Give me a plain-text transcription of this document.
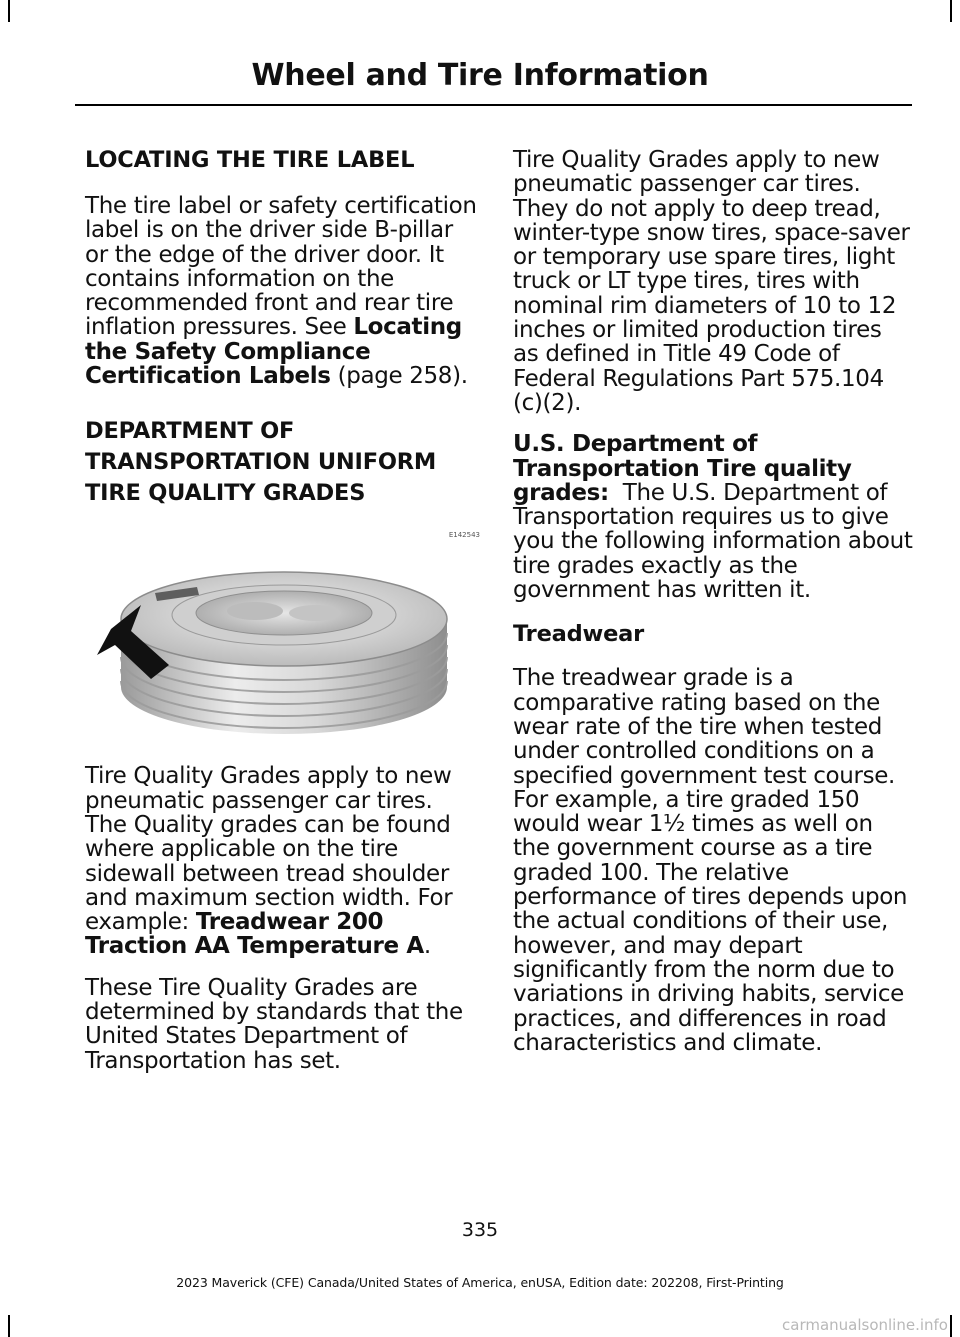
Wheel and Tire Information
LOCATING THE TIRE LABEL

The tire label or safety certification label is on the driver side B-pillar or the edge of the driver door. It contains information on the recommended front and rear tire inflation pressures. See Locating the Safety Compliance Certification Labels (page 258).

DEPARTMENT OF
TRANSPORTATION UNIFORM
TIRE QUALITY GRADES
E142543

Tire Quality Grades apply to new pneumatic passenger car tires. The Quality grades can be found where applicable on the tire sidewall between tread shoulder and maximum section width. For example: Treadwear 200 Traction AA Temperature A.

These Tire Quality Grades are determined by standards that the United States Department of Transportation has set.

Tire Quality Grades apply to new pneumatic passenger car tires. They do not apply to deep tread, winter-type snow tires, space-saver or temporary use spare tires, light truck or LT type tires, tires with nominal rim diameters of 10 to 12 inches or limited production tires as defined in Title 49 Code of Federal Regulations Part 575.104 (c)(2).

U.S. Department of Transportation Tire quality grades: The U.S. Department of Transportation requires us to give you the following information about tire grades exactly as the government has written it.

Treadwear

The treadwear grade is a comparative rating based on the wear rate of the tire when tested under controlled conditions on a specified government test course. For example, a tire graded 150 would wear 1½ times as well on the government course as a tire graded 100. The relative performance of tires depends upon the actual conditions of their use, however, and may depart significantly from the norm due to variations in driving habits, service practices, and differences in road characteristics and climate.

335
2023 Maverick (CFE) Canada/United States of America, enUSA, Edition date: 202208, First-Printing
carmanualsonline.info
